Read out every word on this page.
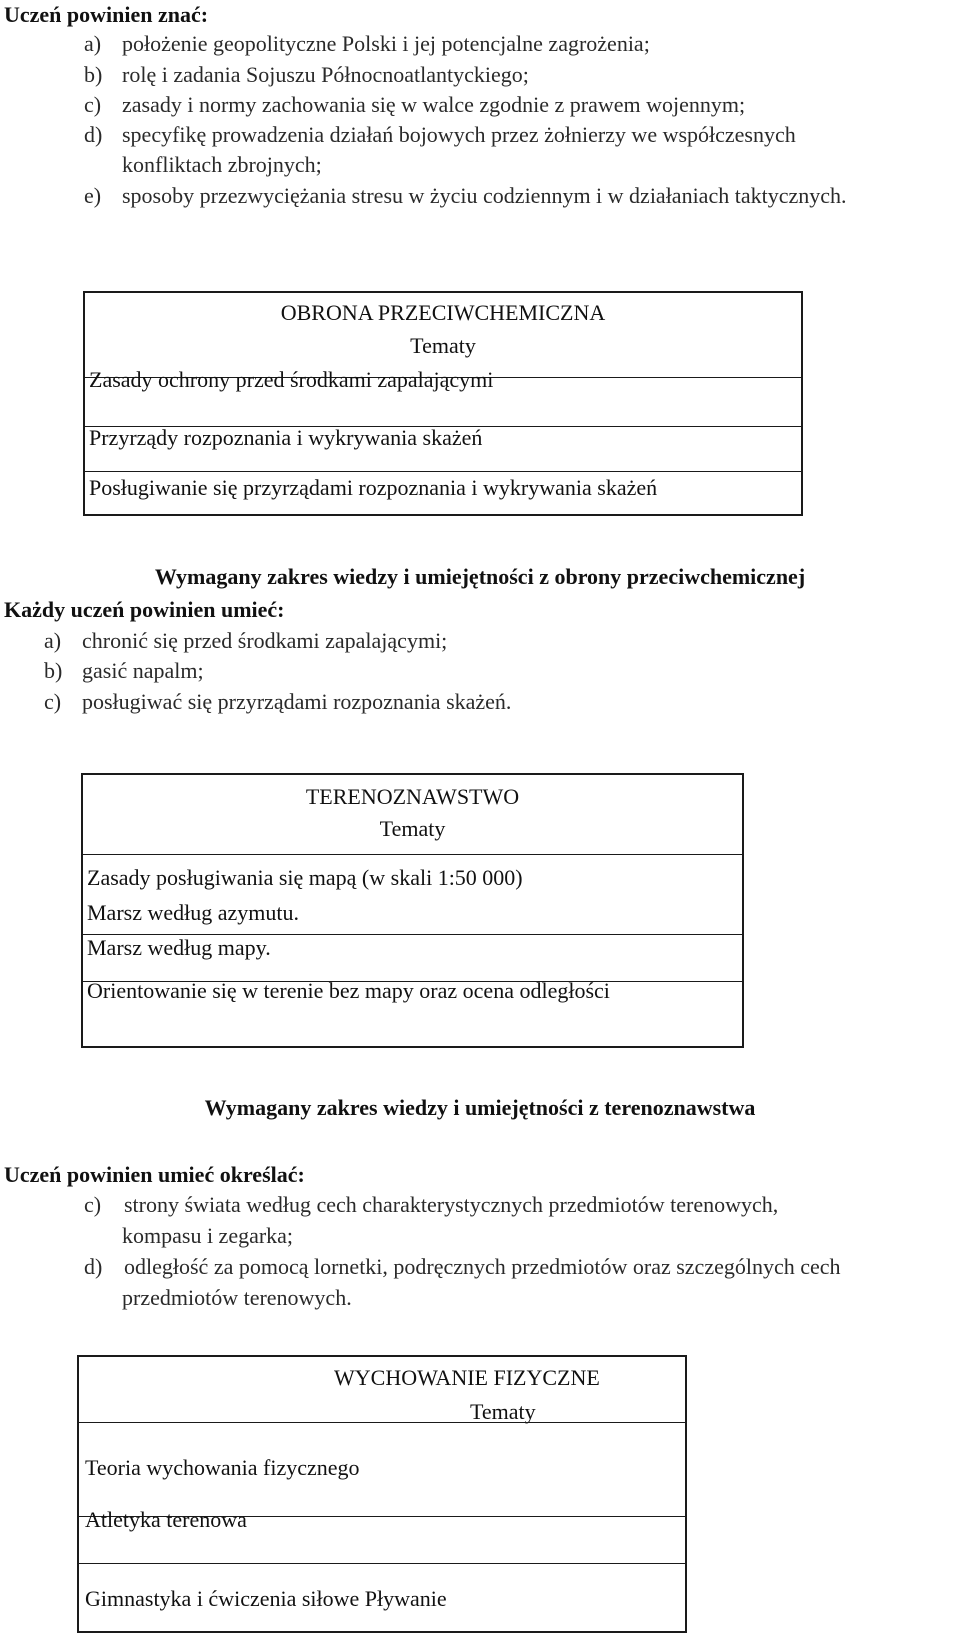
Uczeń powinien znać:
a) położenie geopolityczne Polski i jej potencjalne zagrożenia;
b) rolę i zadania Sojuszu Północnoatlantyckiego;
c) zasady i normy zachowania się w walce zgodnie z prawem wojennym;
d) specyfikę prowadzenia działań bojowych przez żołnierzy we współczesnych
konfliktach zbrojnych;
e) sposoby przezwyciężania stresu w życiu codziennym i w działaniach taktycznych.
OBRONA PRZECIWCHEMICZNA
Tematy
Zasady ochrony przed środkami zapalającymi
Przyrządy rozpoznania i wykrywania skażeń
Posługiwanie się przyrządami rozpoznania i wykrywania skażeń
Wymagany zakres wiedzy i umiejętności z obrony przeciwchemicznej
Każdy uczeń powinien umieć:
a) chronić się przed środkami zapalającymi;
b) gasić napalm;
c) posługiwać się przyrządami rozpoznania skażeń.
TERENOZNAWSTWO
Tematy
Zasady posługiwania się mapą (w skali 1:50 000)
Marsz według azymutu.
Marsz według mapy.
Orientowanie się w terenie bez mapy oraz ocena odległości
Wymagany zakres wiedzy i umiejętności z terenoznawstwa
Uczeń powinien umieć określać:
c) strony świata według cech charakterystycznych przedmiotów terenowych,
kompasu i zegarka;
d) odległość za pomocą lornetki, podręcznych przedmiotów oraz szczególnych cech
przedmiotów terenowych.
WYCHOWANIE FIZYCZNE
Tematy
Teoria wychowania fizycznego
Atletyka terenowa
Gimnastyka i ćwiczenia siłowe Pływanie
